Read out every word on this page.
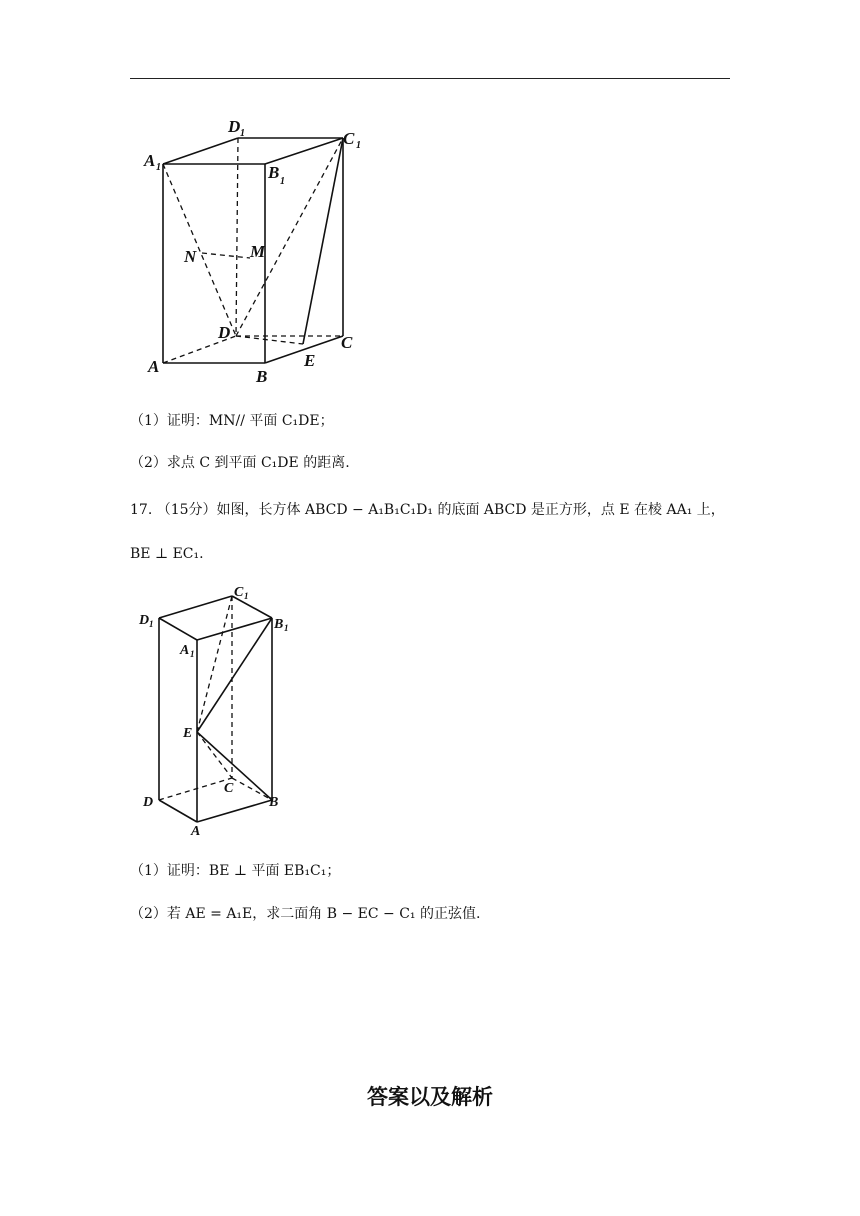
D 1	C 1
A 1	B 1
N	M
D
C
A
B
E
（1）证明：MN// 平面 C₁DE；
（2）求点 C 到平面 C₁DE 的距离.
17. （15分）如图，长方体 ABCD − A₁B₁C₁D₁ 的底面 ABCD 是正方形，点 E 在棱 AA₁ 上，
BE ⊥ EC₁.
C 1
D 1	B 1
A 1
E
C
D	B
A
（1）证明：BE ⊥ 平面 EB₁C₁；
（2）若 AE = A₁E，求二面角 B − EC − C₁ 的正弦值.
答案以及解析
